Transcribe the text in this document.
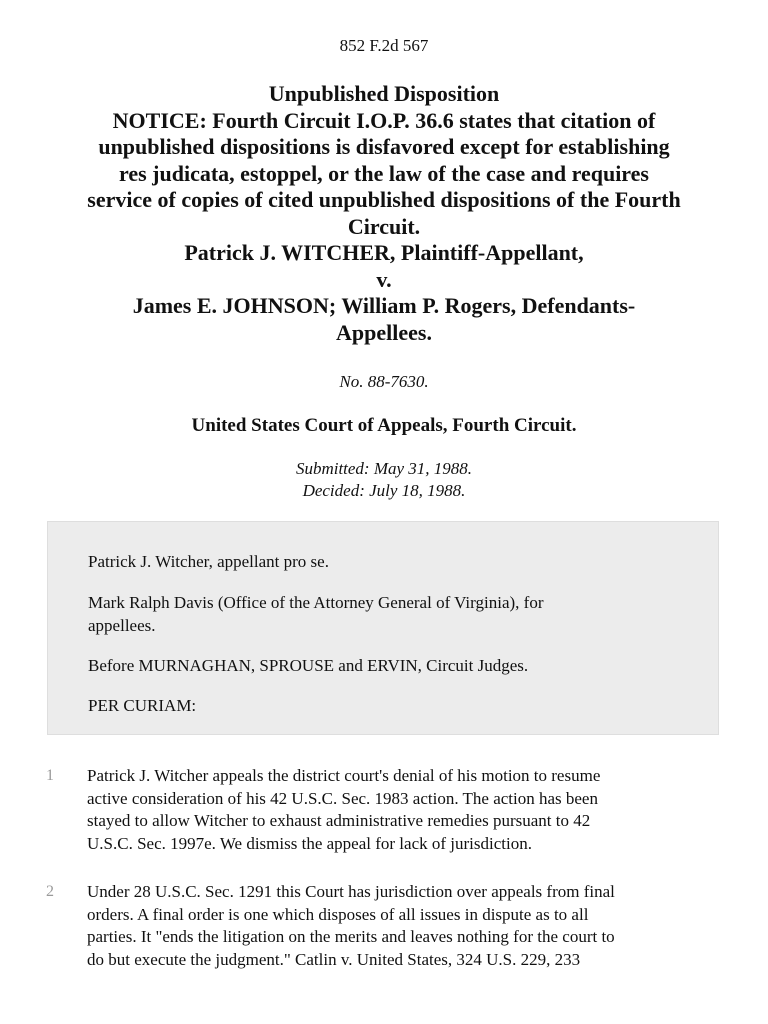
852 F.2d 567
Unpublished Disposition
NOTICE: Fourth Circuit I.O.P. 36.6 states that citation of
unpublished dispositions is disfavored except for establishing
res judicata, estoppel, or the law of the case and requires
service of copies of cited unpublished dispositions of the Fourth
Circuit.
Patrick J. WITCHER, Plaintiff-Appellant,
v.
James E. JOHNSON; William P. Rogers, Defendants-
Appellees.
No. 88-7630.
United States Court of Appeals, Fourth Circuit.
Submitted: May 31, 1988.
Decided: July 18, 1988.

Patrick J. Witcher, appellant pro se.

Mark Ralph Davis (Office of the Attorney General of Virginia), for

appellees.

Before MURNAGHAN, SPROUSE and ERVIN, Circuit Judges.

PER CURIAM:

1 Patrick J. Witcher appeals the district court's denial of his motion to resume
active consideration of his 42 U.S.C. Sec. 1983 action. The action has been
stayed to allow Witcher to exhaust administrative remedies pursuant to 42
U.S.C. Sec. 1997e. We dismiss the appeal for lack of jurisdiction.
2 Under 28 U.S.C. Sec. 1291 this Court has jurisdiction over appeals from final
orders. A final order is one which disposes of all issues in dispute as to all
parties. It "ends the litigation on the merits and leaves nothing for the court to
do but execute the judgment." Catlin v. United States, 324 U.S. 229, 233
